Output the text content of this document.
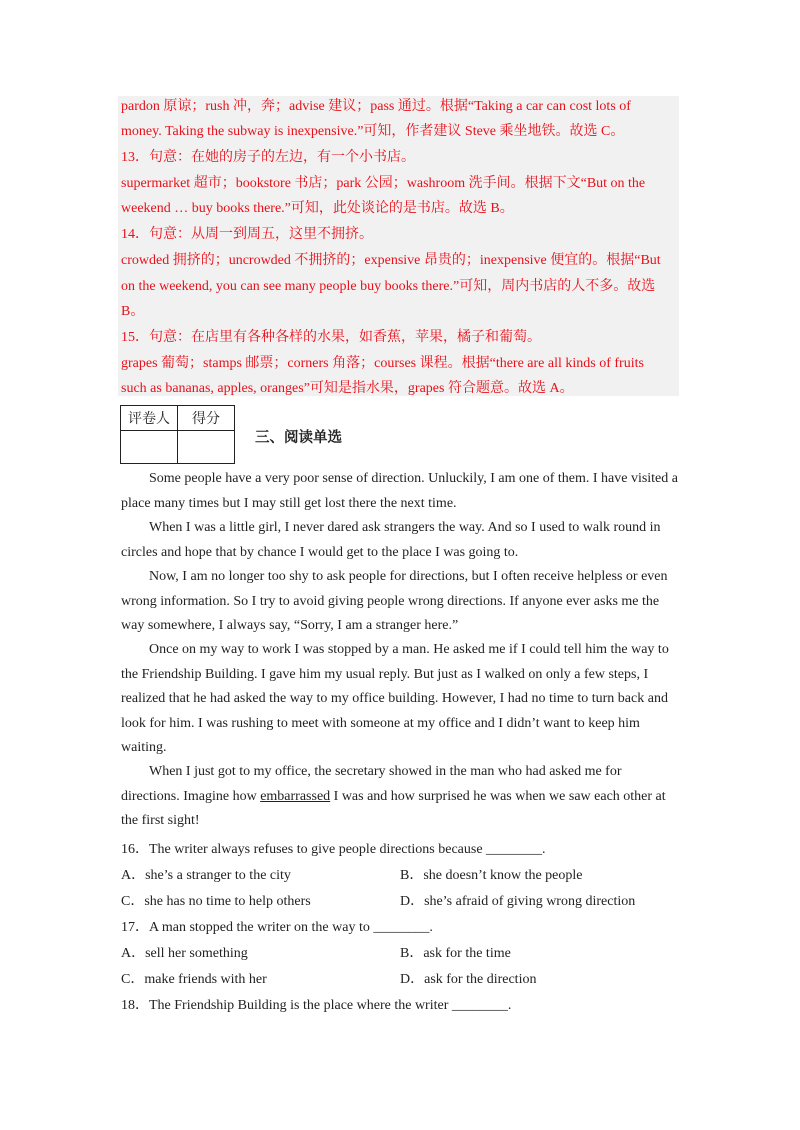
pardon 原谅；rush 冲，奔；advise 建议；pass 通过。根据“Taking a car can cost lots of
money. Taking the subway is inexpensive.”可知，作者建议 Steve 乘坐地铁。故选 C。
13．句意：在她的房子的左边，有一个小书店。
supermarket 超市；bookstore 书店；park 公园；washroom 洗手间。根据下文“But on the
weekend … buy books there.”可知，此处谈论的是书店。故选 B。
14．句意：从周一到周五，这里不拥挤。
crowded 拥挤的；uncrowded 不拥挤的；expensive 昂贵的；inexpensive 便宜的。根据“But
on the weekend, you can see many people buy books there.”可知，周内书店的人不多。故选
B。
15．句意：在店里有各种各样的水果，如香蕉，苹果，橘子和葡萄。
grapes 葡萄；stamps 邮票；corners 角落；courses 课程。根据“there are all kinds of fruits
such as bananas, apples, oranges”可知是指水果，grapes 符合题意。故选 A。
评卷人	得分

三、阅读单选

Some people have a very poor sense of direction. Unluckily, I am one of them. I have visited a place many times but I may still get lost there the next time.

When I was a little girl, I never dared ask strangers the way. And so I used to walk round in circles and hope that by chance I would get to the place I was going to.

Now, I am no longer too shy to ask people for directions, but I often receive helpless or even wrong information. So I try to avoid giving people wrong directions. If anyone ever asks me the way somewhere, I always say, “Sorry, I am a stranger here.”

Once on my way to work I was stopped by a man. He asked me if I could tell him the way to the Friendship Building. I gave him my usual reply. But just as I walked on only a few steps, I realized that he had asked the way to my office building. However, I had no time to turn back and look for him. I was rushing to meet with someone at my office and I didn’t want to keep him waiting.

When I just got to my office, the secretary showed in the man who had asked me for directions. Imagine how embarrassed I was and how surprised he was when we saw each other at the first sight!

16．The writer always refuses to give people directions because ________.
A．she’s a stranger to the city	B．she doesn’t know the people
C．she has no time to help others	D．she’s afraid of giving wrong direction
17．A man stopped the writer on the way to ________.
A．sell her something	B．ask for the time
C．make friends with her	D．ask for the direction
18．The Friendship Building is the place where the writer ________.
